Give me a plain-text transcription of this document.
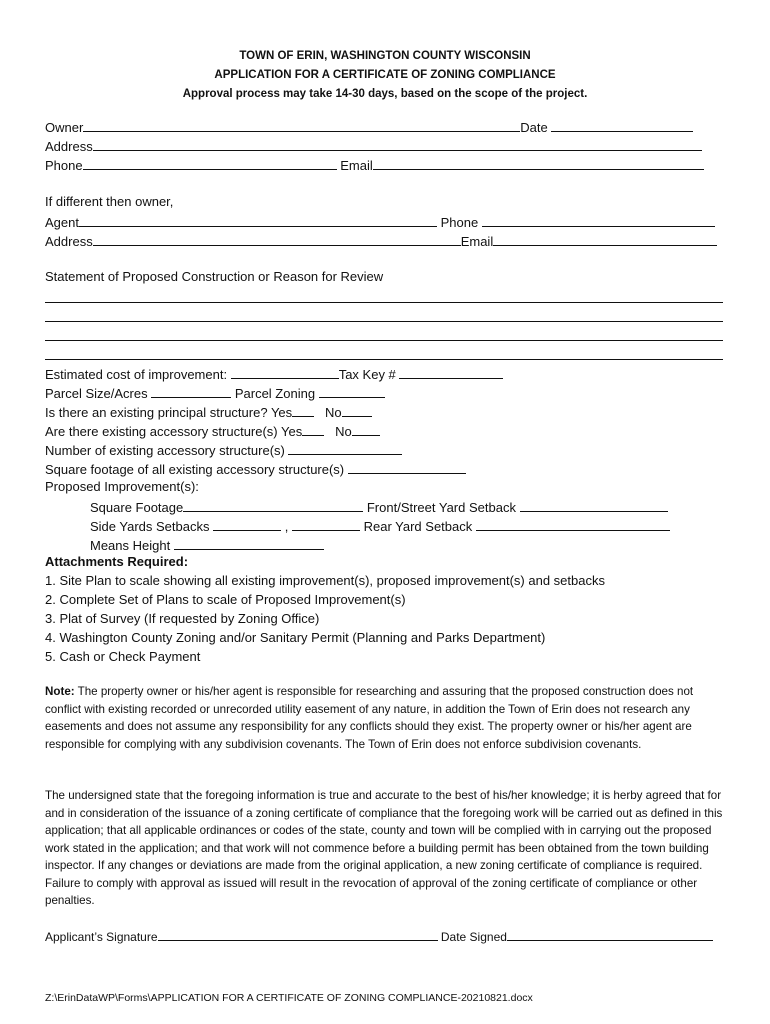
TOWN OF ERIN, WASHINGTON COUNTY WISCONSIN
APPLICATION FOR A CERTIFICATE OF ZONING COMPLIANCE
Approval process may take 14-30 days, based on the scope of the project.
Owner	Date
Address
Phone	Email
If different then owner,
Agent	Phone
Address	Email
Statement of Proposed Construction or Reason for Review
Estimated cost of improvement:	Tax Key #
Parcel Size/Acres	Parcel Zoning
Is there an existing principal structure? Yes	No
Are there existing accessory structure(s) Yes	No
Number of existing accessory structure(s)
Square footage of all existing accessory structure(s)
Proposed Improvement(s):
Square Footage	Front/Street Yard Setback
Side Yards Setbacks	,	Rear Yard Setback
Means Height
Attachments Required:
1. Site Plan to scale showing all existing improvement(s), proposed improvement(s) and setbacks
2. Complete Set of Plans to scale of Proposed Improvement(s)
3. Plat of Survey (If requested by Zoning Office)
4. Washington County Zoning and/or Sanitary Permit (Planning and Parks Department)
5. Cash or Check Payment
Note: The property owner or his/her agent is responsible for researching and assuring that the proposed construction does not conflict with existing recorded or unrecorded utility easement of any nature, in addition the Town of Erin does not research any easements and does not assume any responsibility for any conflicts should they exist. The property owner or his/her agent are responsible for complying with any subdivision covenants. The Town of Erin does not enforce subdivision covenants.
The undersigned state that the foregoing information is true and accurate to the best of his/her knowledge; it is herby agreed that for and in consideration of the issuance of a zoning certificate of compliance that the foregoing work will be carried out as defined in this application; that all applicable ordinances or codes of the state, county and town will be complied with in carrying out the proposed work stated in the application; and that work will not commence before a building permit has been obtained from the town building inspector. If any changes or deviations are made from the original application, a new zoning certificate of compliance is required. Failure to comply with approval as issued will result in the revocation of approval of the zoning certificate of compliance or other penalties.
Applicant’s Signature	Date Signed
Z:\ErinDataWP\Forms\APPLICATION FOR A CERTIFICATE OF ZONING COMPLIANCE-20210821.docx
